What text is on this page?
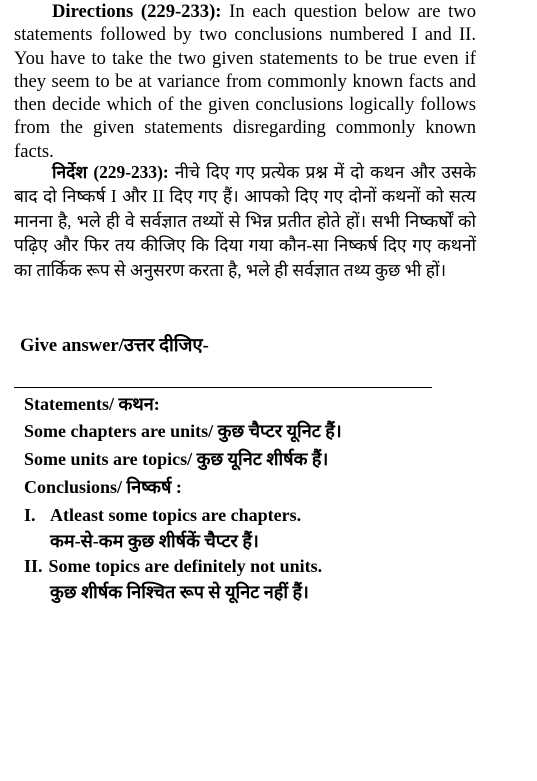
Directions (229-233): In each question below are two statements followed by two conclusions numbered I and II. You have to take the two given statements to be true even if they seem to be at variance from commonly known facts and then decide which of the given conclusions logically follows from the given statements disregarding commonly known facts.

निर्देश (229-233): नीचे दिए गए प्रत्येक प्रश्न में दो कथन और उसके बाद दो निष्कर्ष I और II दिए गए हैं। आपको दिए गए दोनों कथनों को सत्य मानना है, भले ही वे सर्वज्ञात तथ्यों से भिन्न प्रतीत होते हों। सभी निष्कर्षों को पढ़िए और फिर तय कीजिए कि दिया गया कौन-सा निष्कर्ष दिए गए कथनों का तार्किक रूप से अनुसरण करता है, भले ही सर्वज्ञात तथ्य कुछ भी हों।

Give answer/उत्तर दीजिए-

Statements/ कथन:

Some chapters are units/ कुछ चैप्टर यूनिट हैं।

Some units are topics/ कुछ यूनिट शीर्षक हैं।

Conclusions/ निष्कर्ष :

I. Atleast some topics are chapters.
कम-से-कम कुछ शीर्षकें चैप्टर हैं।
II. Some topics are definitely not units.
कुछ शीर्षक निश्चित रूप से यूनिट नहीं हैं।
